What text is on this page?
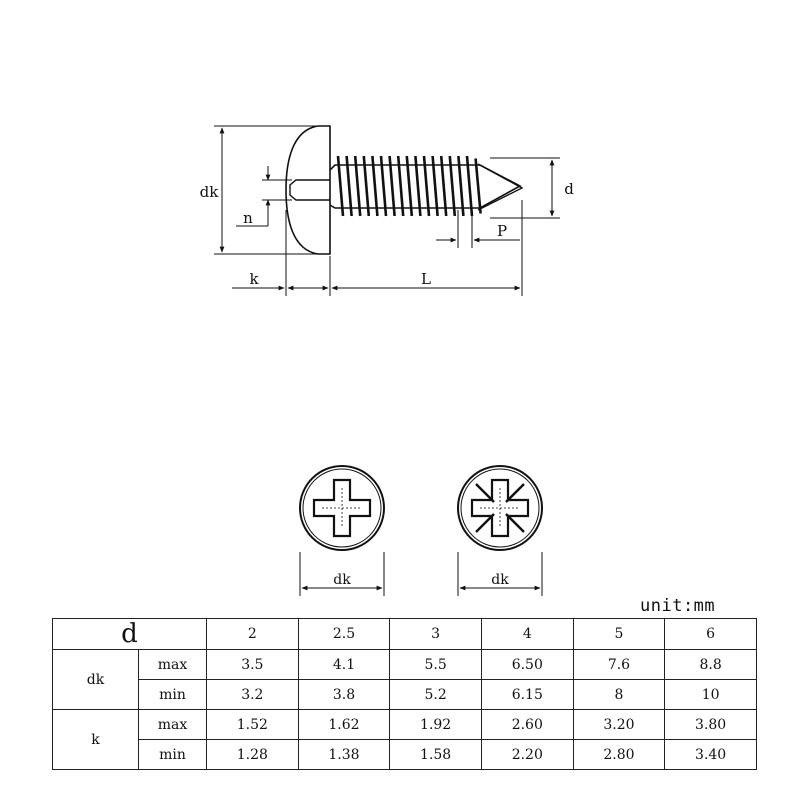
dk
n
k	L
d
P
dk	dk
unit:mm
d		2	2.5	3	4	5	6
dk	max	3.5	4.1	5.5	6.50	7.6	8.8
	min	3.2	3.8	5.2	6.15	8	10
k	max	1.52	1.62	1.92	2.60	3.20	3.80
	min	1.28	1.38	1.58	2.20	2.80	3.40
